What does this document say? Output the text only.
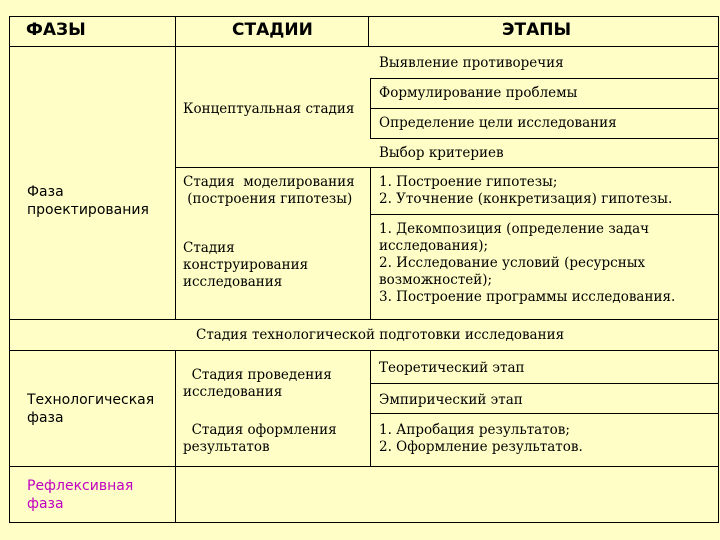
ФАЗЫ	СТАДИИ	ЭТАПЫ
Фаза
проектирования
Технологическая
фаза
Рефлексивная
фаза
Концептуальная стадия
Стадия  моделирования
(построения гипотезы)
Стадия
конструирования
исследования
Стадия технологической подготовки исследования
Стадия проведения
исследования
Стадия оформления
результатов
Выявление противоречия
Формулирование проблемы
Определение цели исследования
Выбор критериев
1. Построение гипотезы;
2. Уточнение (конкретизация) гипотезы.
1. Декомпозиция (определение задач
исследования);
2. Исследование условий (ресурсных
возможностей);
3. Построение программы исследования.
Теоретический этап
Эмпирический этап
1. Апробация результатов;
2. Оформление результатов.
